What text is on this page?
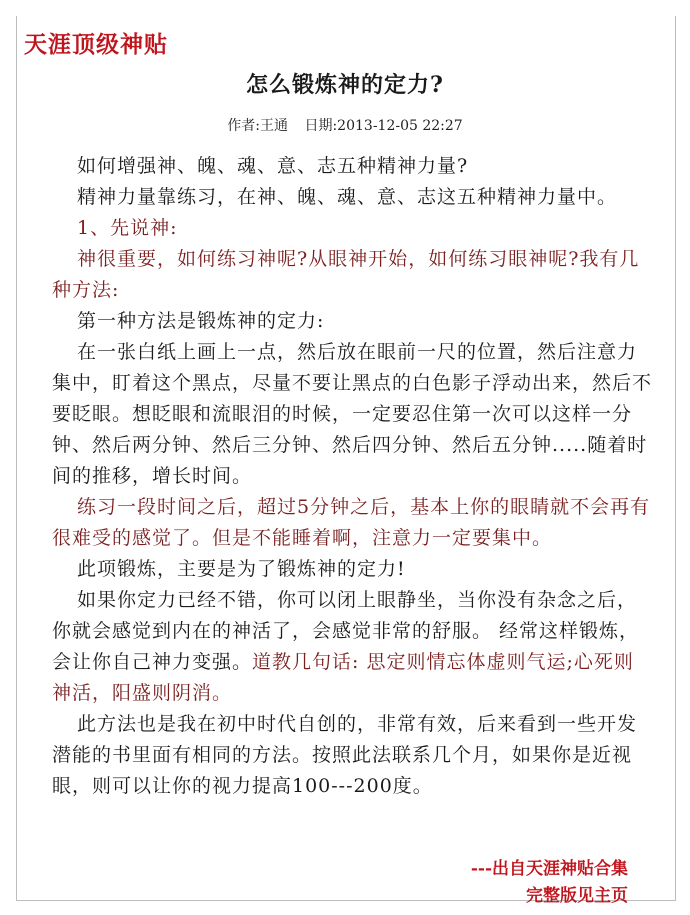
天涯顶级神贴
怎么锻炼神的定力?
作者:王通 日期:2013-12-05 22:27

如何增强神、魄、魂、意、志五种精神力量?

精神力量靠练习，在神、魄、魂、意、志这五种精神力量中。

1、先说神:

神很重要，如何练习神呢?从眼神开始，如何练习眼神呢?我有几种方法:

第一种方法是锻炼神的定力:

在一张白纸上画上一点，然后放在眼前一尺的位置，然后注意力集中，盯着这个黑点，尽量不要让黑点的白色影子浮动出来，然后不要眨眼。想眨眼和流眼泪的时候，一定要忍住第一次可以这样一分钟、然后两分钟、然后三分钟、然后四分钟、然后五分钟.....随着时间的推移，增长时间。

练习一段时间之后，超过5分钟之后，基本上你的眼睛就不会再有很难受的感觉了。但是不能睡着啊，注意力一定要集中。

此项锻炼，主要是为了锻炼神的定力!

如果你定力已经不错，你可以闭上眼静坐，当你没有杂念之后，你就会感觉到内在的神活了，会感觉非常的舒服。 经常这样锻炼，会让你自己神力变强。道教几句话: 思定则情忘体虚则气运;心死则神活，阳盛则阴消。

此方法也是我在初中时代自创的，非常有效，后来看到一些开发潜能的书里面有相同的方法。按照此法联系几个月，如果你是近视眼，则可以让你的视力提高100---200度。

---出自天涯神贴合集
完整版见主页
